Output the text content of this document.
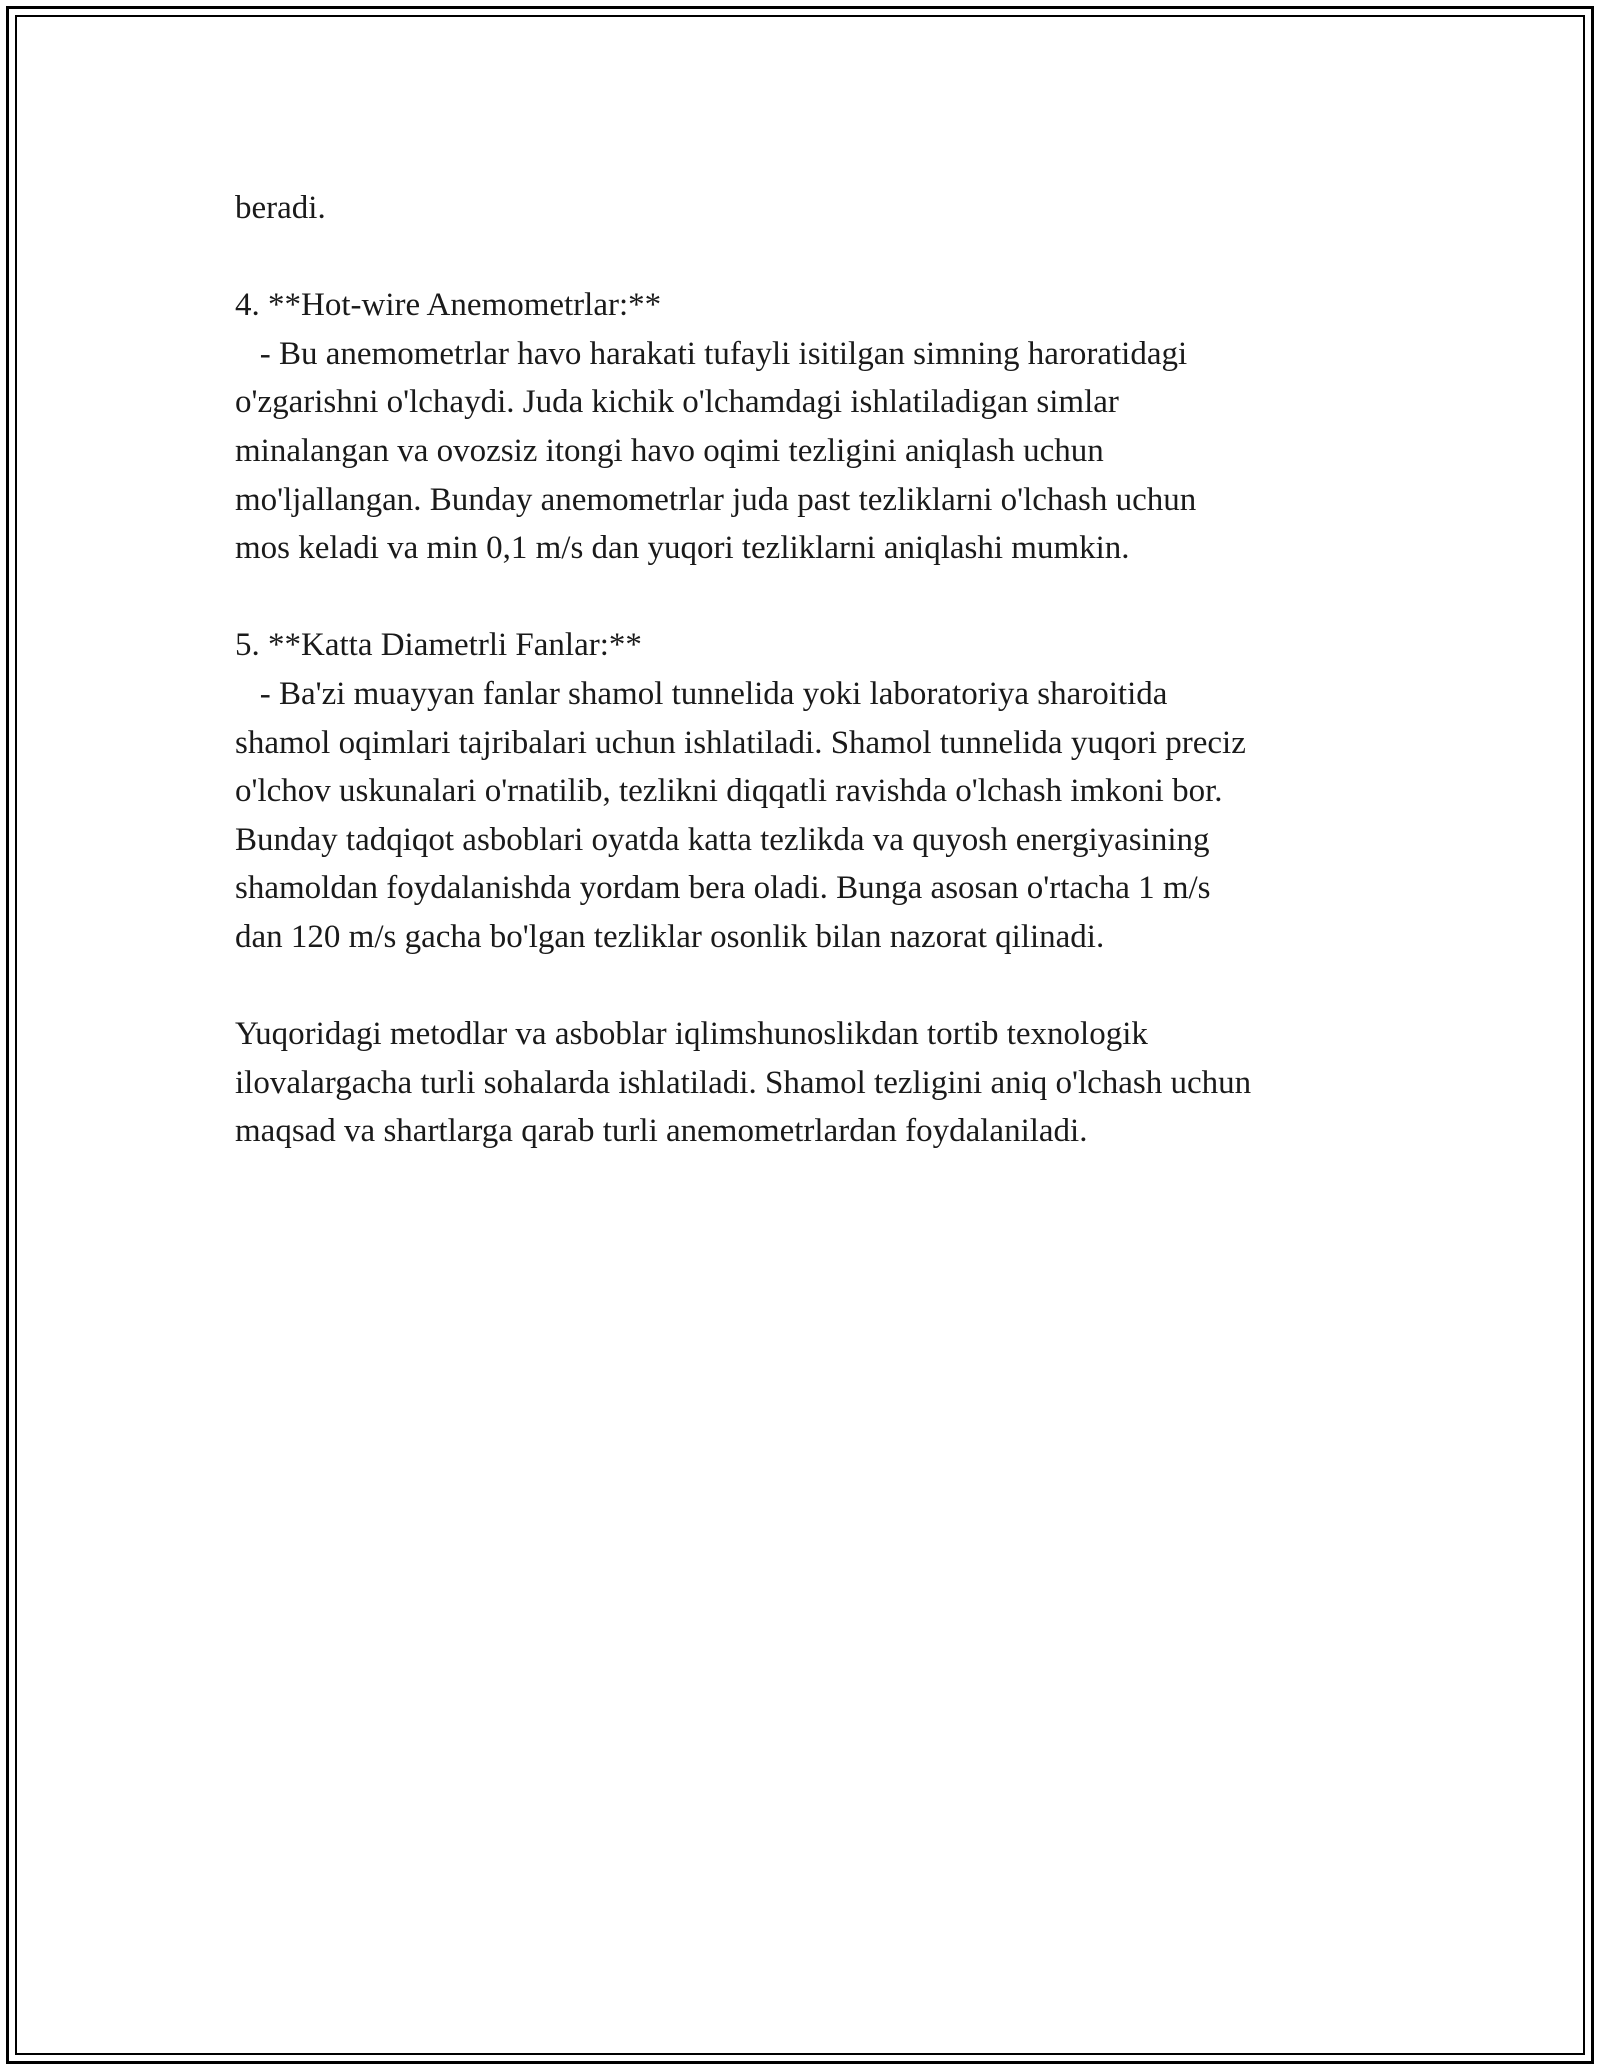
beradi.
4. **Hot-wire Anemometrlar:**
- Bu anemometrlar havo harakati tufayli isitilgan simning haroratidagi
o'zgarishni o'lchaydi. Juda kichik o'lchamdagi ishlatiladigan simlar
minalangan va ovozsiz itongi havo oqimi tezligini aniqlash uchun
mo'ljallangan. Bunday anemometrlar juda past tezliklarni o'lchash uchun
mos keladi va min 0,1 m/s dan yuqori tezliklarni aniqlashi mumkin.
5. **Katta Diametrli Fanlar:**
- Ba'zi muayyan fanlar shamol tunnelida yoki laboratoriya sharoitida
shamol oqimlari tajribalari uchun ishlatiladi. Shamol tunnelida yuqori preciz
o'lchov uskunalari o'rnatilib, tezlikni diqqatli ravishda o'lchash imkoni bor.
Bunday tadqiqot asboblari oyatda katta tezlikda va quyosh energiyasining
shamoldan foydalanishda yordam bera oladi. Bunga asosan o'rtacha 1 m/s
dan 120 m/s gacha bo'lgan tezliklar osonlik bilan nazorat qilinadi.
Yuqoridagi metodlar va asboblar iqlimshunoslikdan tortib texnologik
ilovalargacha turli sohalarda ishlatiladi. Shamol tezligini aniq o'lchash uchun
maqsad va shartlarga qarab turli anemometrlardan foydalaniladi.
